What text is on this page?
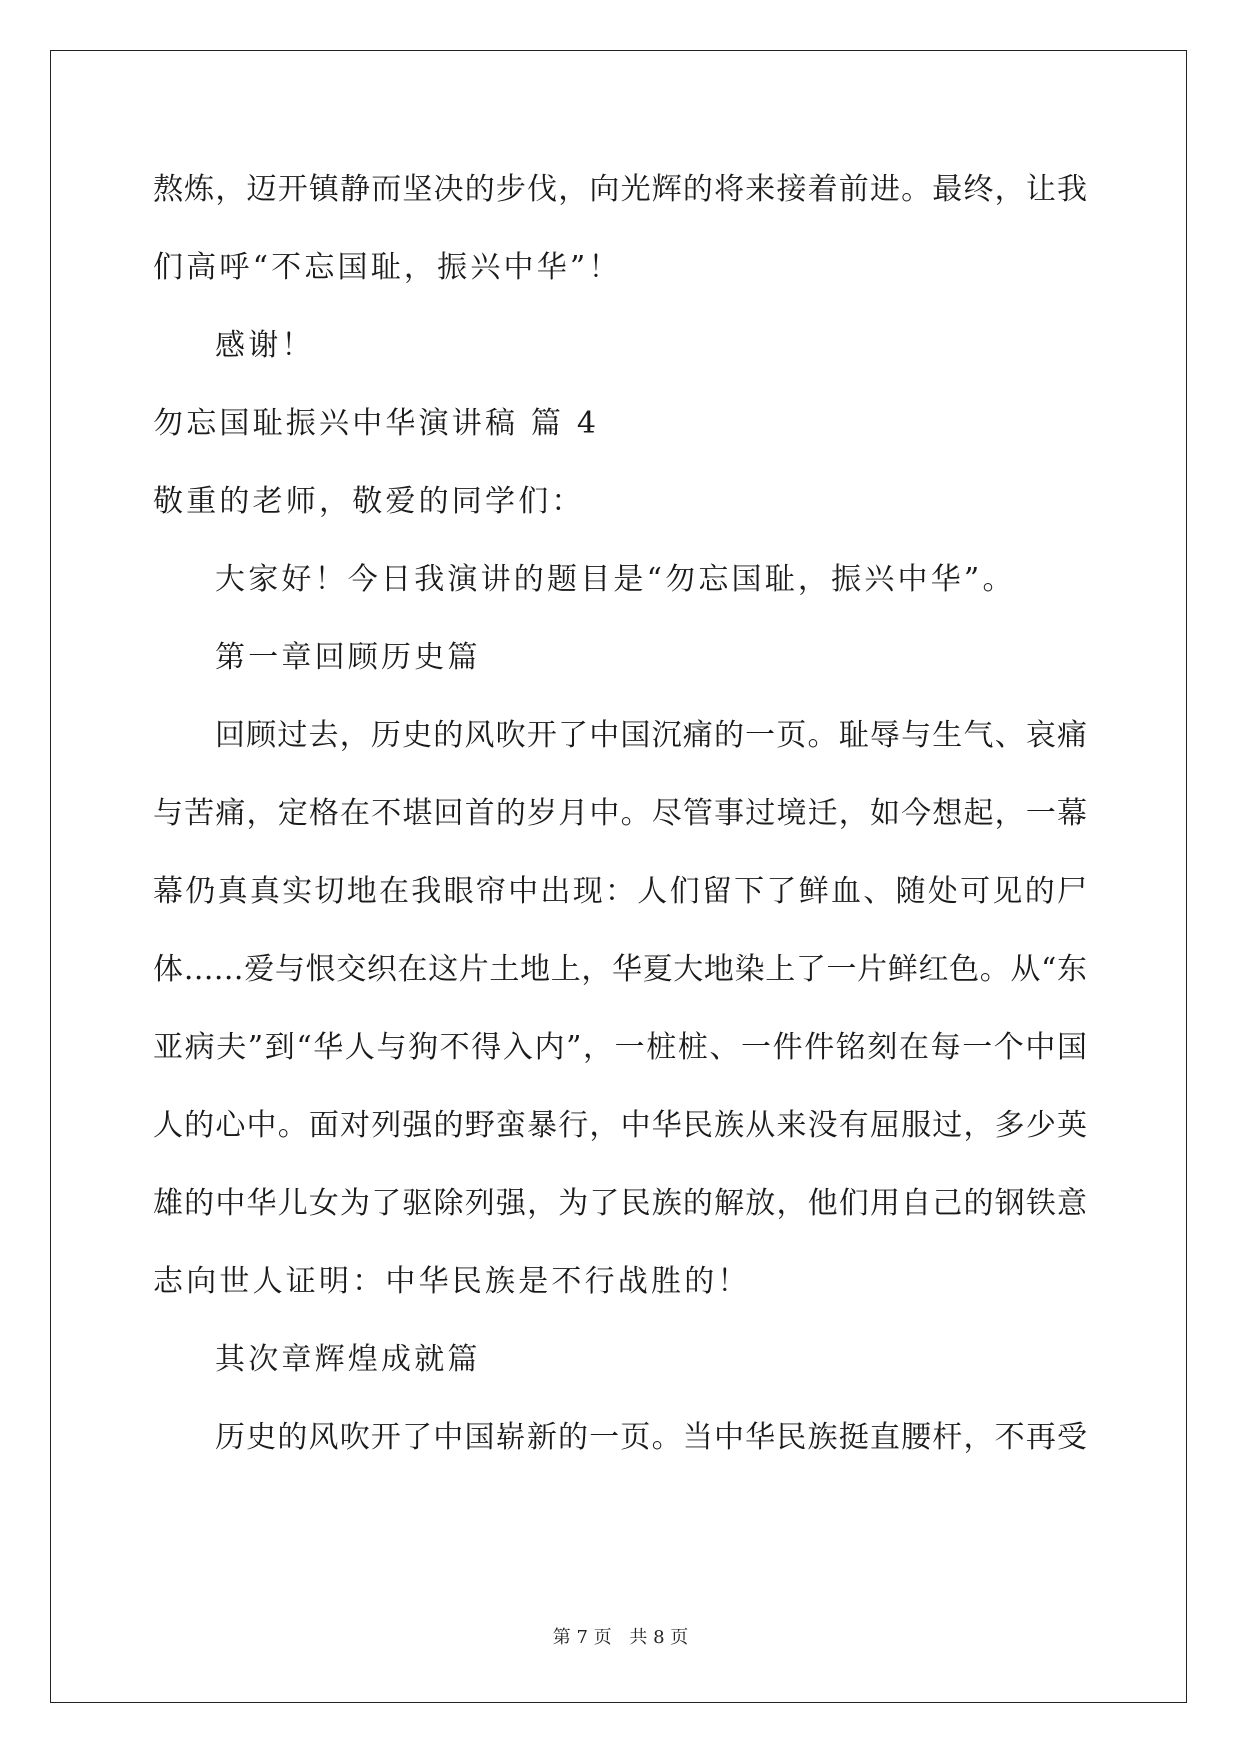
熬炼，迈开镇静而坚决的步伐，向光辉的将来接着前进。最终，让我
们高呼“不忘国耻，振兴中华”！
感谢！
勿忘国耻振兴中华演讲稿 篇 4
敬重的老师，敬爱的同学们：
大家好！今日我演讲的题目是“勿忘国耻，振兴中华”。
第一章回顾历史篇
回顾过去，历史的风吹开了中国沉痛的一页。耻辱与生气、哀痛
与苦痛，定格在不堪回首的岁月中。尽管事过境迁，如今想起，一幕
幕仍真真实切地在我眼帘中出现：人们留下了鲜血、随处可见的尸
体……爱与恨交织在这片土地上，华夏大地染上了一片鲜红色。从“东
亚病夫”到“华人与狗不得入内”，一桩桩、一件件铭刻在每一个中国
人的心中。面对列强的野蛮暴行，中华民族从来没有屈服过，多少英
雄的中华儿女为了驱除列强，为了民族的解放，他们用自己的钢铁意
志向世人证明：中华民族是不行战胜的！
其次章辉煌成就篇
历史的风吹开了中国崭新的一页。当中华民族挺直腰杆，不再受
第 7 页 共 8 页
